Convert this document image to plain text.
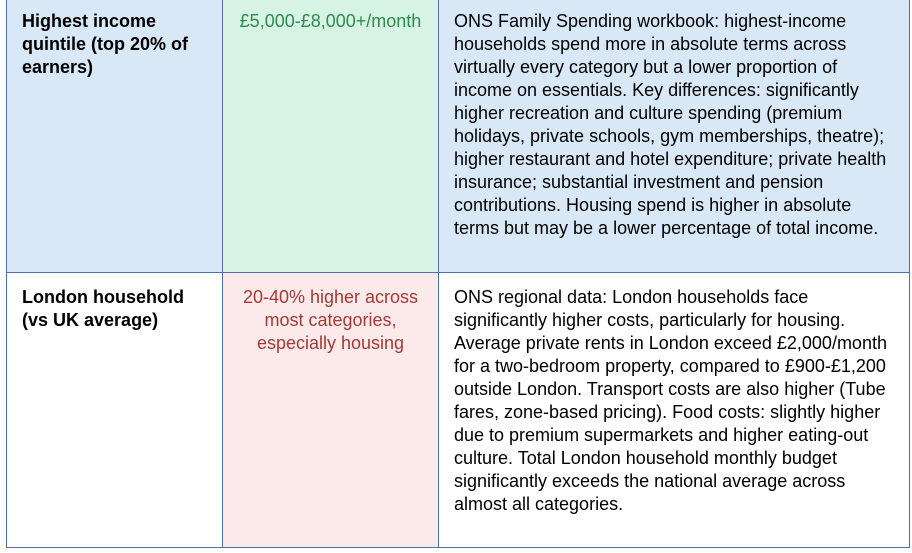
Highest income quintile (top 20% of earners)
£5,000-£8,000+/month	ONS Family Spending workbook: highest-income households spend more in absolute terms across virtually every category but a lower proportion of income on essentials. Key differences: significantly higher recreation and culture spending (premium holidays, private schools, gym memberships, theatre); higher restaurant and hotel expenditure; private health insurance; substantial investment and pension contributions. Housing spend is higher in absolute terms but may be a lower percentage of total income.
London household (vs UK average)
20-40% higher across most categories, especially housing
ONS regional data: London households face significantly higher costs, particularly for housing. Average private rents in London exceed £2,000/month for a two-bedroom property, compared to £900-£1,200 outside London. Transport costs are also higher (Tube fares, zone-based pricing). Food costs: slightly higher due to premium supermarkets and higher eating-out culture. Total London household monthly budget significantly exceeds the national average across almost all categories.
